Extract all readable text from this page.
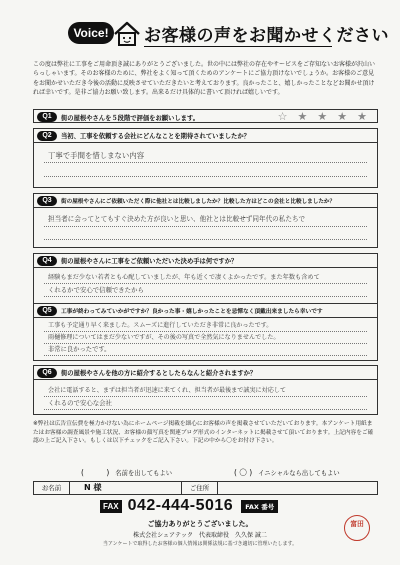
Voice!	お客様の声をお聞かせください
この度は弊社に工事をご用命頂き誠にありがとうございました。世の中には弊社の存在やサービスをご存知ないお客様が沢山いらっしゃいます。そのお客様のために、弊社をよく知って頂くためのアンケートにご協力頂けないでしょうか。お客様のご意見をお聞かせいただき今後の活動に反映させていただきたいと考えております。良かったこと、嬉しかったことなどお聞かせ頂ければ幸いです。是非ご協力お願い致します。出来るだけ具体的に書いて頂ければ嬉しいです。
Q1	街の屋根やさんを５段階で評価をお願いします。	☆ ★ ★ ★ ★
Q2	当初、工事を依頼する会社にどんなことを期待されていましたか？
丁寧で手間を惜しまない内容
Q3	街の屋根やさんにご依頼いただく際に他社とは比較しましたか？比較した方はどこの会社と比較しましたか？
担当者に会ってとてもすぐ決めた方が良いと思い、他社とは比較せず同年代の私たちで
Q4	街の屋根やさんに工事をご依頼いただいた決め手は何ですか？
経験もまだ少ない若者とも心配していましたが、年も近くで凄くよかったです。また年数も含めて
くれるかで安心で信頼できたから
Q5	工事が終わってみていかがですか？良かった事・嬉しかったことを忌憚なく頂戴出来ましたら幸いです
工事も予定通り早く来ました。スムーズに進行していただき非常に良かったです。
雨樋修理についてはまだ少ないですが、その後の写真で全然気になりませんでした。
非常に良かったです。
Q6	街の屋根やさんを他の方に紹介するとしたらなんと紹介されますか？
会社に電話すると、まずは担当者が迅速に来てくれ、担当者が最後まで誠実に対応して
くれるので安心な会社
※弊社は広告宣伝費を極力かけない為にホームページ掲載を細心にお客様の声を掲載させていただいております。本アンケート用紙またはお客様の調査風景や施工状況、お客様の顔写真を関連ブログ形式のインターネットに掲載させて頂いております。上記内容をご確認の上ご記入下さい。もしくは以下チェックをご記入下さい。下記の中から〇をお付け下さい。
(　　　) 名前を出してもよい	( 〇 ) イニシャルなら出してもよい
お名前	N 様	ご住所
FAX 042-444-5016	FAX 番号
ご協力ありがとうございました。
株式会社シェアテック　代表取締役　久久保 誠二
当アンケートで取得したお客様の個人情報は関係法規に基づき適切に管理いたします。
富田
